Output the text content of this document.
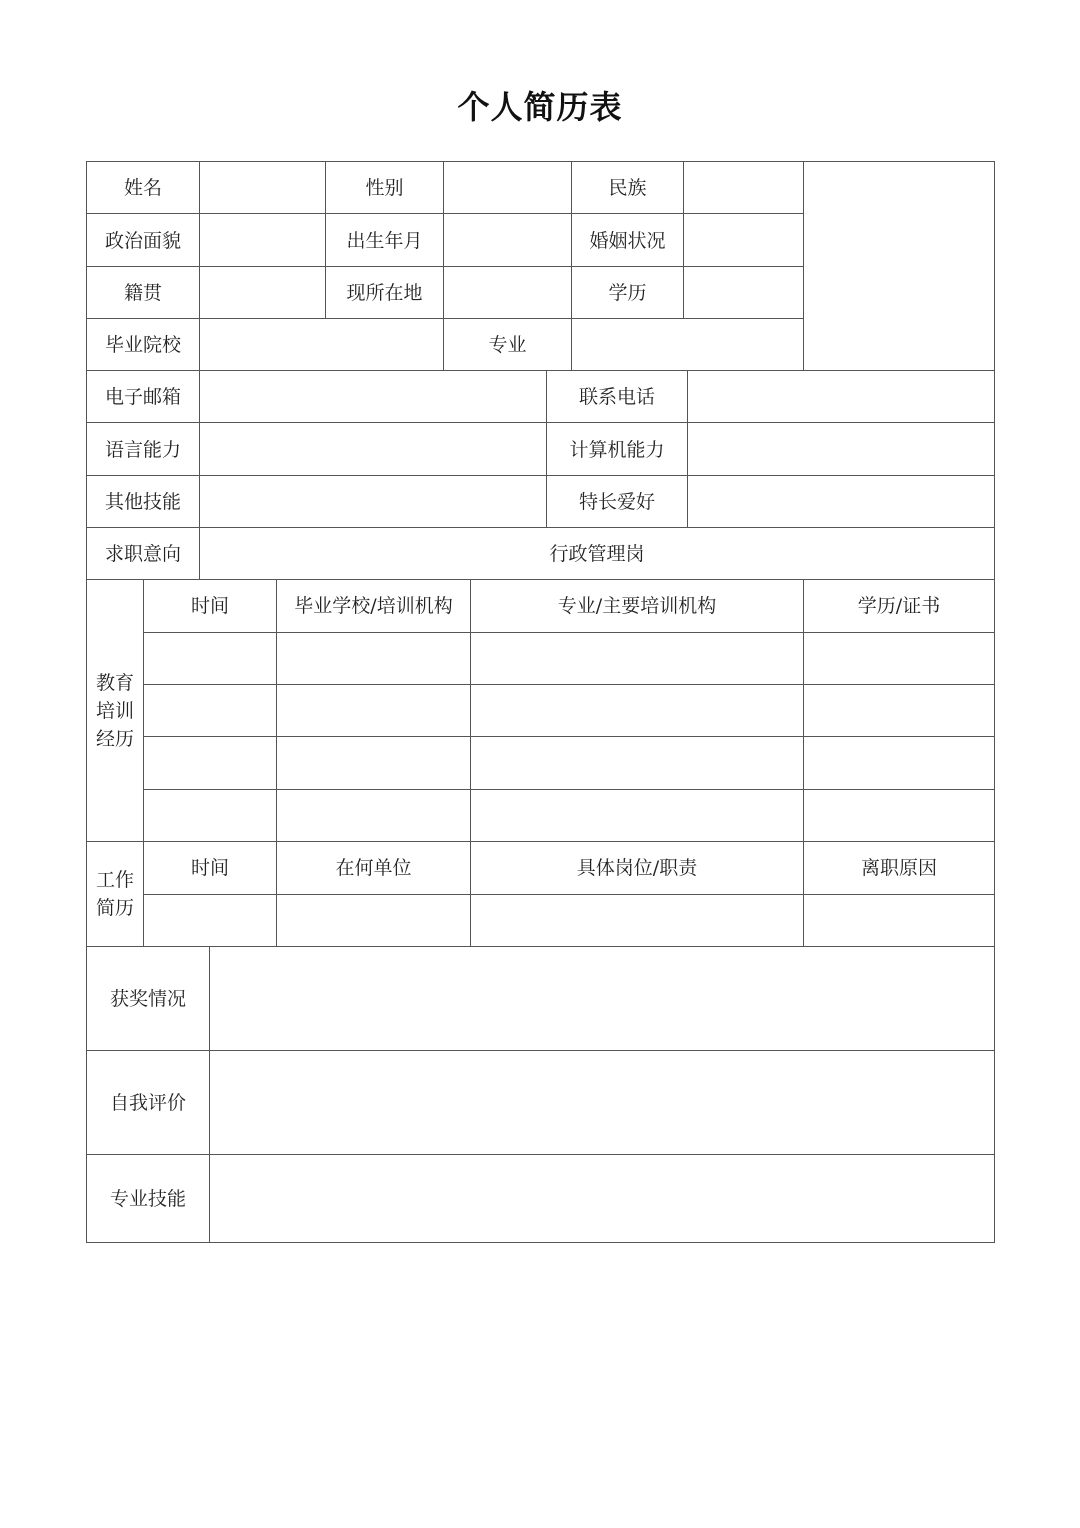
个人简历表
姓名	性别	民族
政治面貌	出生年月	婚姻状况
籍贯	现所在地	学历
毕业院校	专业
电子邮箱	联系电话
语言能力	计算机能力
其他技能	特长爱好
求职意向	行政管理岗
教育培训经历
时间	毕业学校/培训机构	专业/主要培训机构	学历/证书
工作简历
时间	在何单位	具体岗位/职责	离职原因
获奖情况
自我评价
专业技能
